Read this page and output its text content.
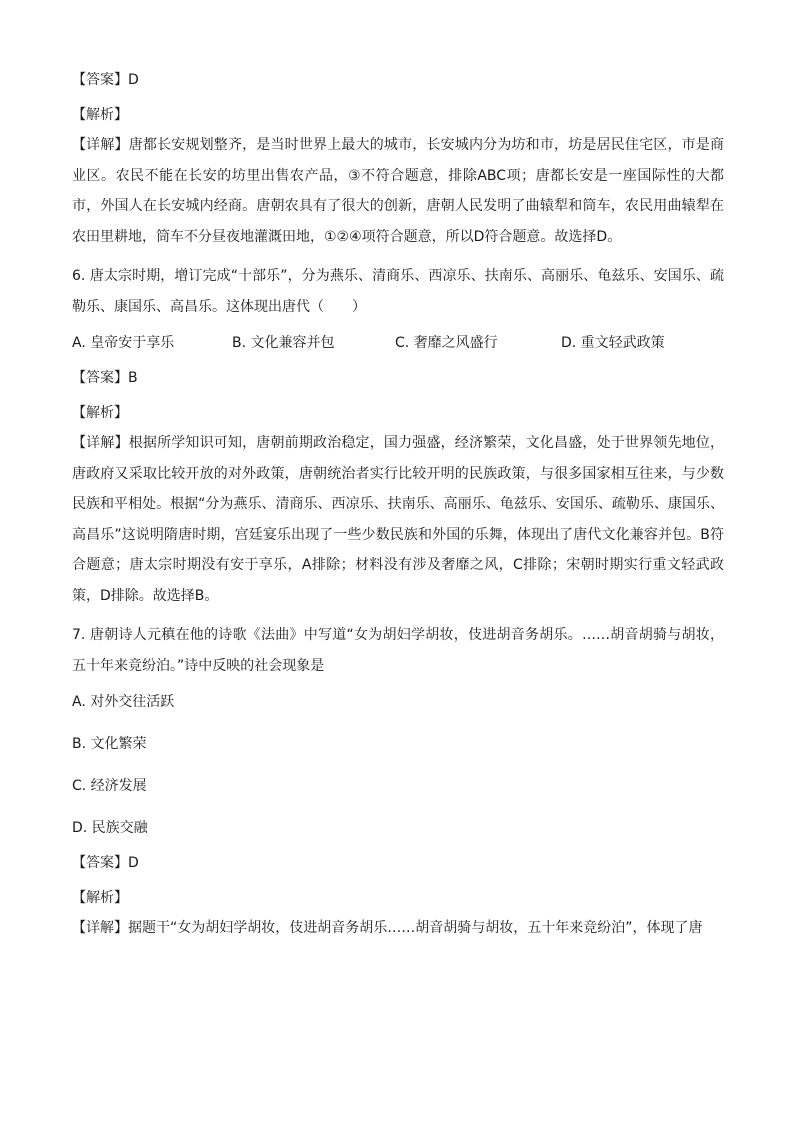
【答案】D

【解析】

【详解】唐都长安规划整齐，是当时世界上最大的城市，长安城内分为坊和市，坊是居民住宅区，市是商业区。农民不能在长安的坊里出售农产品，③不符合题意，排除ABC项；唐都长安是一座国际性的大都市，外国人在长安城内经商。唐朝农具有了很大的创新，唐朝人民发明了曲辕犁和筒车，农民用曲辕犁在农田里耕地，筒车不分昼夜地灌溉田地，①②④项符合题意，所以D符合题意。故选择D。

6. 唐太宗时期，增订完成“十部乐”，分为燕乐、清商乐、西凉乐、扶南乐、高丽乐、龟兹乐、安国乐、疏勒乐、康国乐、高昌乐。这体现出唐代（　　）

A. 皇帝安于享乐	B. 文化兼容并包	C. 奢靡之风盛行	D. 重文轻武政策

【答案】B

【解析】

【详解】根据所学知识可知，唐朝前期政治稳定，国力强盛，经济繁荣，文化昌盛，处于世界领先地位，唐政府又采取比较开放的对外政策，唐朝统治者实行比较开明的民族政策，与很多国家相互往来，与少数民族和平相处。根据“分为燕乐、清商乐、西凉乐、扶南乐、高丽乐、龟兹乐、安国乐、疏勒乐、康国乐、高昌乐”这说明隋唐时期，宫廷宴乐出现了一些少数民族和外国的乐舞，体现出了唐代文化兼容并包。B符合题意；唐太宗时期没有安于享乐，A排除；材料没有涉及奢靡之风，C排除；宋朝时期实行重文轻武政策，D排除。故选择B。

7. 唐朝诗人元稹在他的诗歌《法曲》中写道“女为胡妇学胡妆，伎进胡音务胡乐。……胡音胡骑与胡妆，五十年来竞纷泊。”诗中反映的社会现象是

A. 对外交往活跃

B. 文化繁荣

C. 经济发展

D. 民族交融

【答案】D

【解析】

【详解】据题干“女为胡妇学胡妆，伎进胡音务胡乐……胡音胡骑与胡妆，五十年来竞纷泊”，体现了唐
